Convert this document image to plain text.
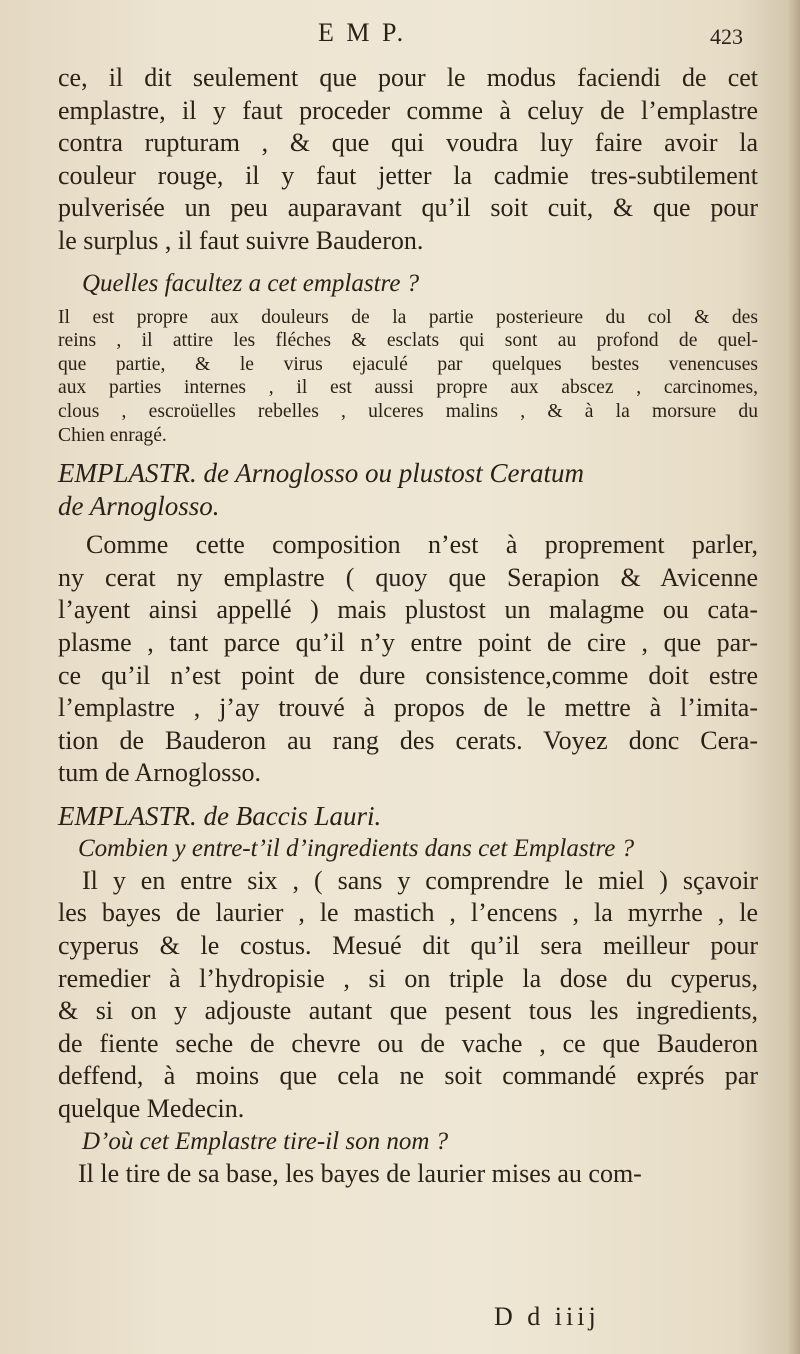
E M P.	423
ce, il dit seulement que pour le modus faciendi de cet
emplastre, il y faut proceder comme à celuy de l’emplastre
contra rupturam , & que qui voudra luy faire avoir la
couleur rouge, il y faut jetter la cadmie tres-subtilement
pulverisée un peu auparavant qu’il soit cuit, & que pour
le surplus , il faut suivre Bauderon.
Quelles facultez a cet emplastre ?
Il est propre aux douleurs de la partie posterieure du col & des
reins , il attire les fléches & esclats qui sont au profond de quel-
que partie, & le virus ejaculé par quelques bestes venencuses
aux parties internes , il est aussi propre aux abscez , carcinomes,
clous , escroüelles rebelles , ulceres malins , & à la morsure du
Chien enragé.
EMPLASTR. de Arnoglosso ou plustost Ceratum
de Arnoglosso.
Comme cette composition n’est à proprement parler,
ny cerat ny emplastre ( quoy que Serapion & Avicenne
l’ayent ainsi appellé ) mais plustost un malagme ou cata-
plasme , tant parce qu’il n’y entre point de cire , que par-
ce qu’il n’est point de dure consistence,comme doit estre
l’emplastre , j’ay trouvé à propos de le mettre à l’imita-
tion de Bauderon au rang des cerats. Voyez donc Cera-
tum de Arnoglosso.
EMPLASTR. de Baccis Lauri.
Combien y entre-t’il d’ingredients dans cet Emplastre ?
Il y en entre six , ( sans y comprendre le miel ) sçavoir
les bayes de laurier , le mastich , l’encens , la myrrhe , le
cyperus & le costus. Mesué dit qu’il sera meilleur pour
remedier à l’hydropisie , si on triple la dose du cyperus,
& si on y adjouste autant que pesent tous les ingredients,
de fiente seche de chevre ou de vache , ce que Bauderon
deffend, à moins que cela ne soit commandé exprés par
quelque Medecin.
D’où cet Emplastre tire-il son nom ?
Il le tire de sa base, les bayes de laurier mises au com-
D d iiij
